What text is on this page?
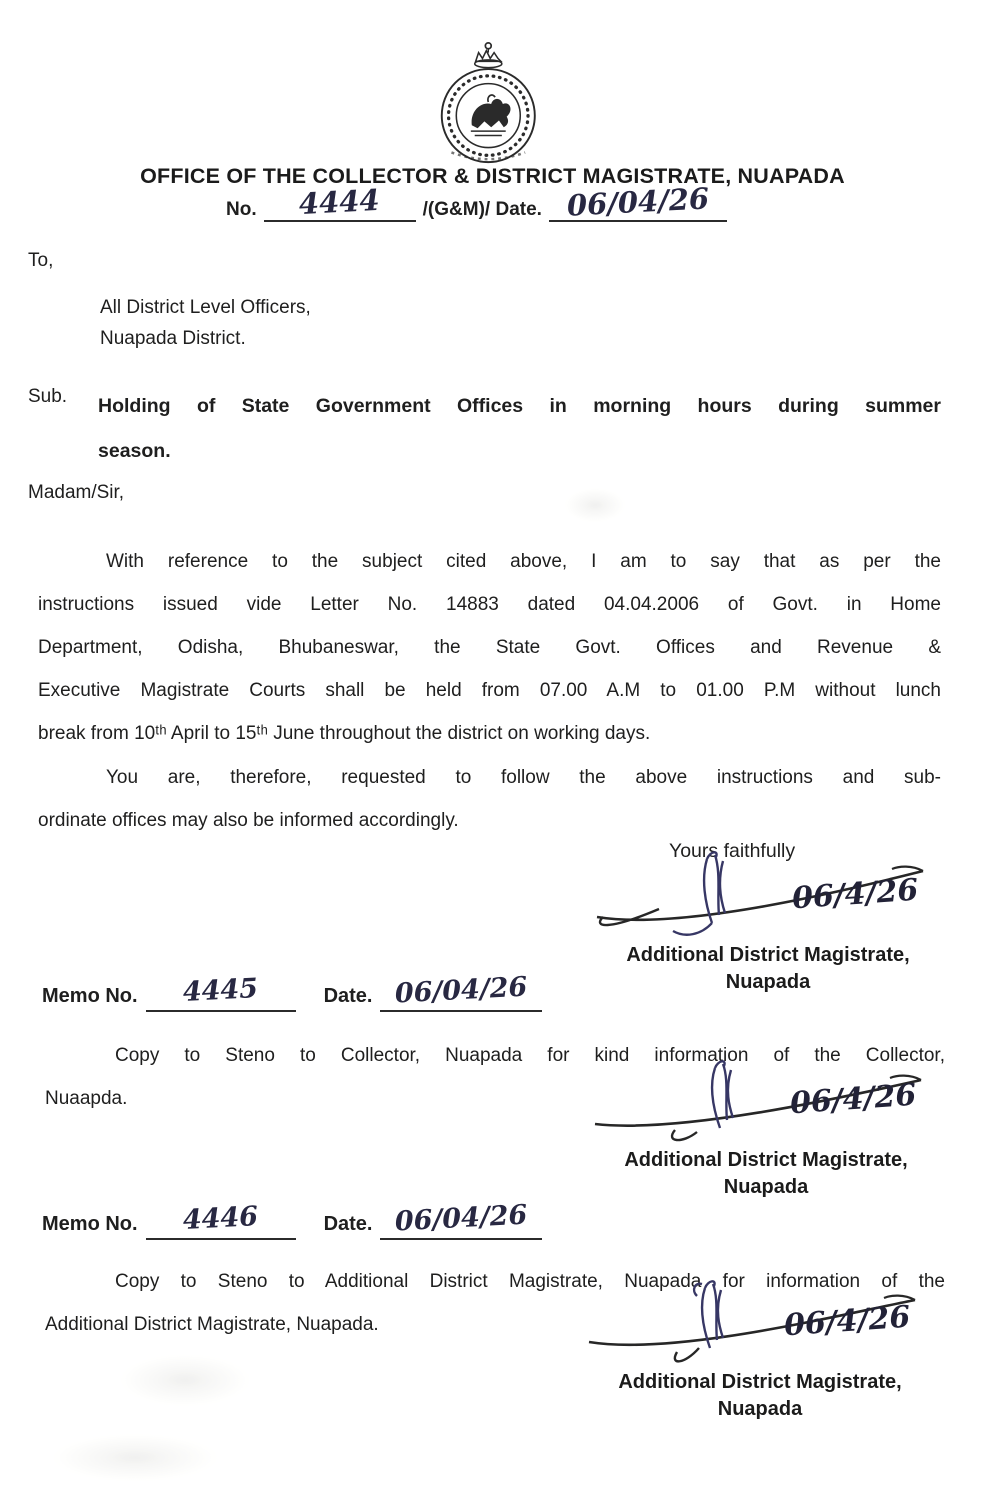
OFFICE OF THE COLLECTOR & DISTRICT MAGISTRATE, NUAPADA
No.	4444	/(G&M)/ Date. 06/04/26
To,
All District Level Officers,
Nuapada District.
Sub. Holding of State Government Offices in morning hours during summer
season.
Madam/Sir,
With reference to the subject cited above, I am to say that as per the
instructions issued vide Letter No. 14883 dated 04.04.2006 of Govt. in Home
Department, Odisha, Bhubaneswar, the State Govt. Offices and Revenue &
Executive Magistrate Courts shall be held from 07.00 A.M to 01.00 P.M without lunch
break from 10ᵗʰ April to 15ᵗʰ June throughout the district on working days.
You are, therefore, requested to follow the above instructions and sub-
ordinate offices may also be informed accordingly.
Yours faithfully
06/4/26
Additional District Magistrate,
Nuapada
Memo No.	4445	Date. 06/04/26
Copy to Steno to Collector, Nuapada for kind information of the Collector,
Nuaapda.	06/4/26
Additional District Magistrate,
Nuapada
Memo No.	4446	Date. 06/04/26
Copy to Steno to Additional District Magistrate, Nuapada for information of the
Additional District Magistrate, Nuapada.	06/4/26
Additional District Magistrate,
Nuapada
